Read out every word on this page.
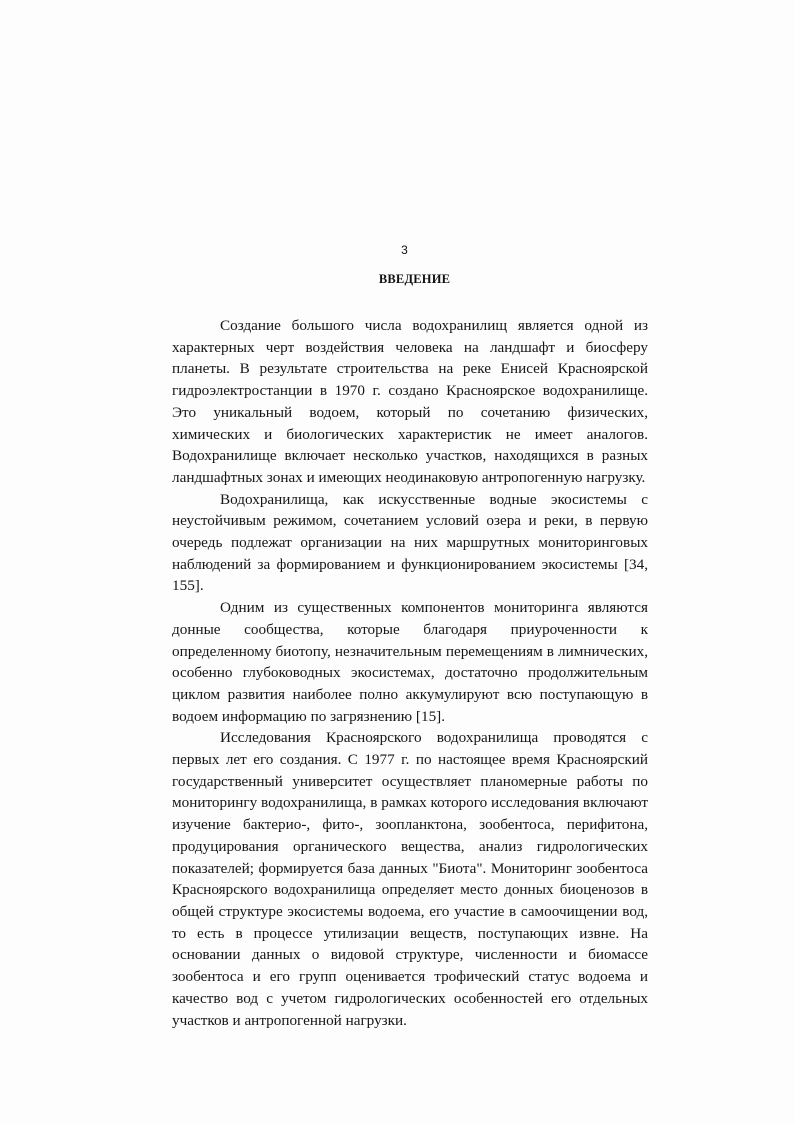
3
ВВЕДЕНИЕ

Создание большого числа водохранилищ является одной из характерных черт воздействия человека на ландшафт и биосферу планеты. В результате строительства на реке Енисей Красноярской гидроэлектростанции в 1970 г. создано Красноярское водохранилище. Это уникальный водоем, который по сочетанию физических, химических и биологических характеристик не имеет аналогов. Водохранилище включает несколько участков, находящихся в разных ландшафтных зонах и имеющих неодинаковую антропогенную нагрузку.

Водохранилища, как искусственные водные экосистемы с неустойчивым режимом, сочетанием условий озера и реки, в первую очередь подлежат организации на них маршрутных мониторинговых наблюдений за формированием и функционированием экосистемы [34, 155].

Одним из существенных компонентов мониторинга являются донные сообщества, которые благодаря приуроченности к определенному биотопу, незначительным перемещениям в лимнических, особенно глубоководных экосистемах, достаточно продолжительным циклом развития наиболее полно аккумулируют всю поступающую в водоем информацию по загрязнению [15].

Исследования Красноярского водохранилища проводятся с первых лет его создания. С 1977 г. по настоящее время Красноярский государственный университет осуществляет планомерные работы по мониторингу водохранилища, в рамках которого исследования включают изучение бактерио-, фито-, зоопланктона, зообентоса, перифитона, продуцирования органического вещества, анализ гидрологических показателей; формируется база данных "Биота". Мониторинг зообентоса Красноярского водохранилища определяет место донных биоценозов в общей структуре экосистемы водоема, его участие в самоочищении вод, то есть в процессе утилизации веществ, поступающих извне. На основании данных о видовой структуре, численности и биомассе зообентоса и его групп оценивается трофический статус водоема и качество вод с учетом гидрологических особенностей его отдельных участков и антропогенной нагрузки.
